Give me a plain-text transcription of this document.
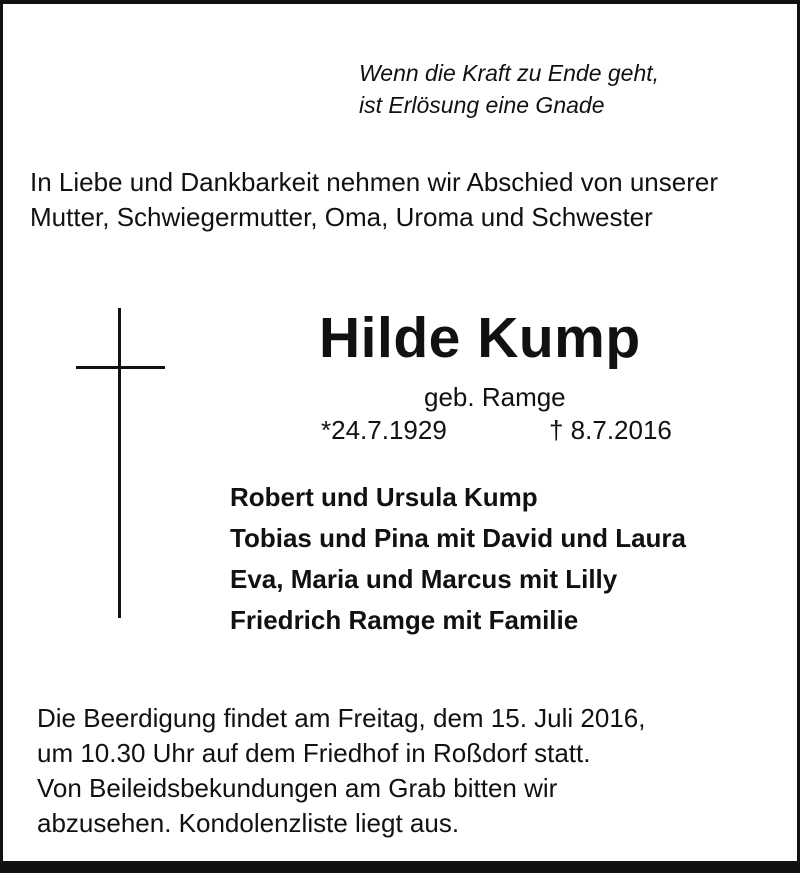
Wenn die Kraft zu Ende geht,
ist Erlösung eine Gnade
In Liebe und Dankbarkeit nehmen wir Abschied von unserer Mutter, Schwiegermutter, Oma, Uroma und Schwester
Hilde Kump
geb. Ramge
*24.7.1929	† 8.7.2016
Robert und Ursula Kump
Tobias und Pina mit David und Laura
Eva, Maria und Marcus mit Lilly
Friedrich Ramge mit Familie
Die Beerdigung findet am Freitag, dem 15. Juli 2016,
um 10.30 Uhr auf dem Friedhof in Roßdorf statt.
Von Beileidsbekundungen am Grab bitten wir
abzusehen. Kondolenzliste liegt aus.
